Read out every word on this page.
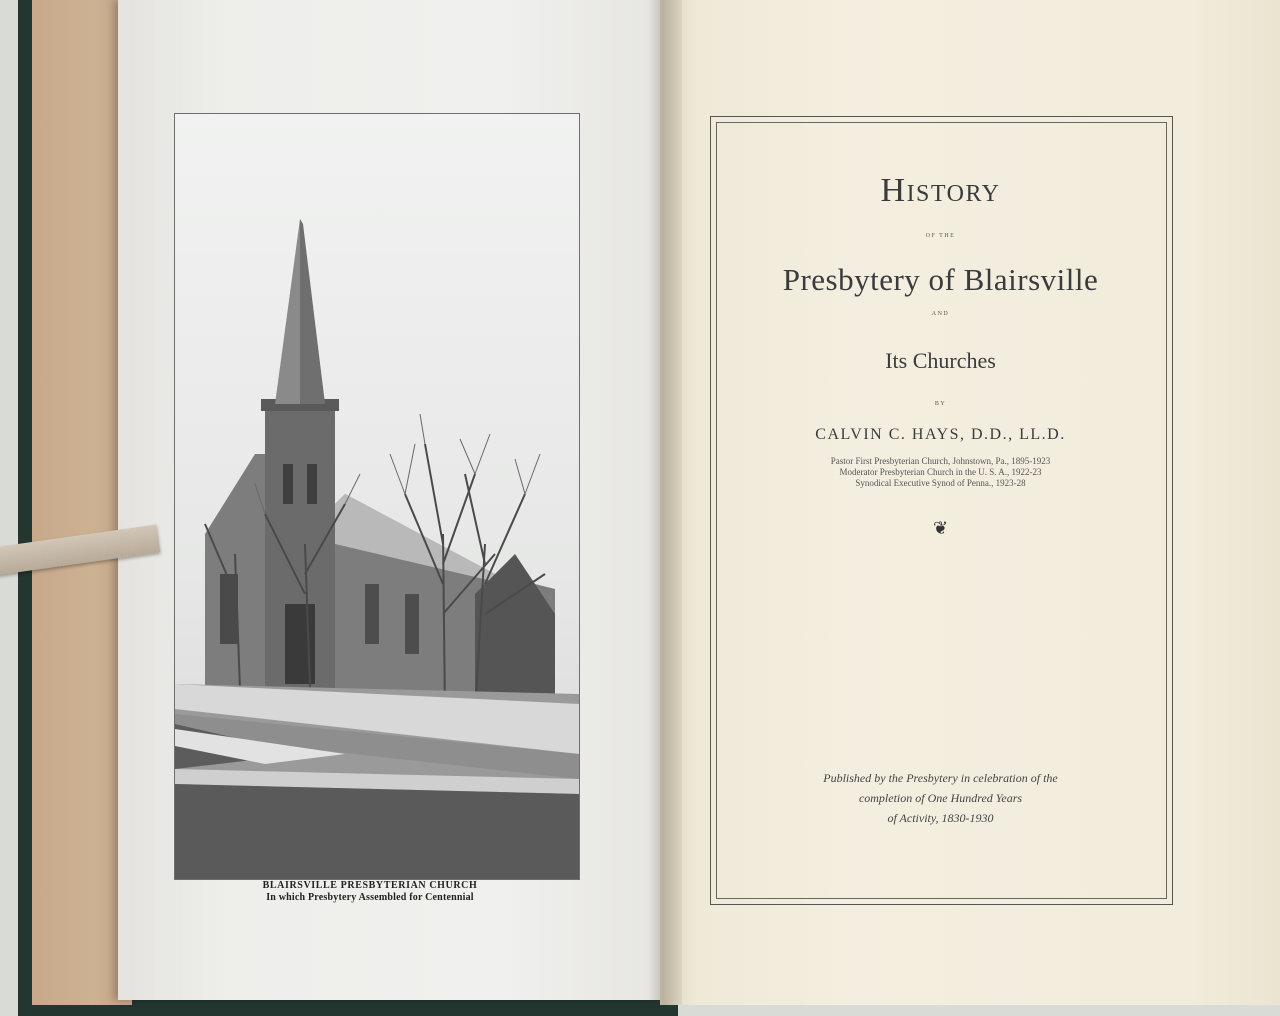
BLAIRSVILLE PRESBYTERIAN CHURCH
In which Presbytery Assembled for Centennial
History
OF THE
Presbytery of Blairsville
AND
Its Churches
BY
CALVIN C. HAYS, D.D., LL.D.
Pastor First Presbyterian Church, Johnstown, Pa., 1895-1923
Moderator Presbyterian Church in the U. S. A., 1922-23
Synodical Executive Synod of Penna., 1923-28
❦
Published by the Presbytery in celebration of the
completion of One Hundred Years
of Activity, 1830-1930
